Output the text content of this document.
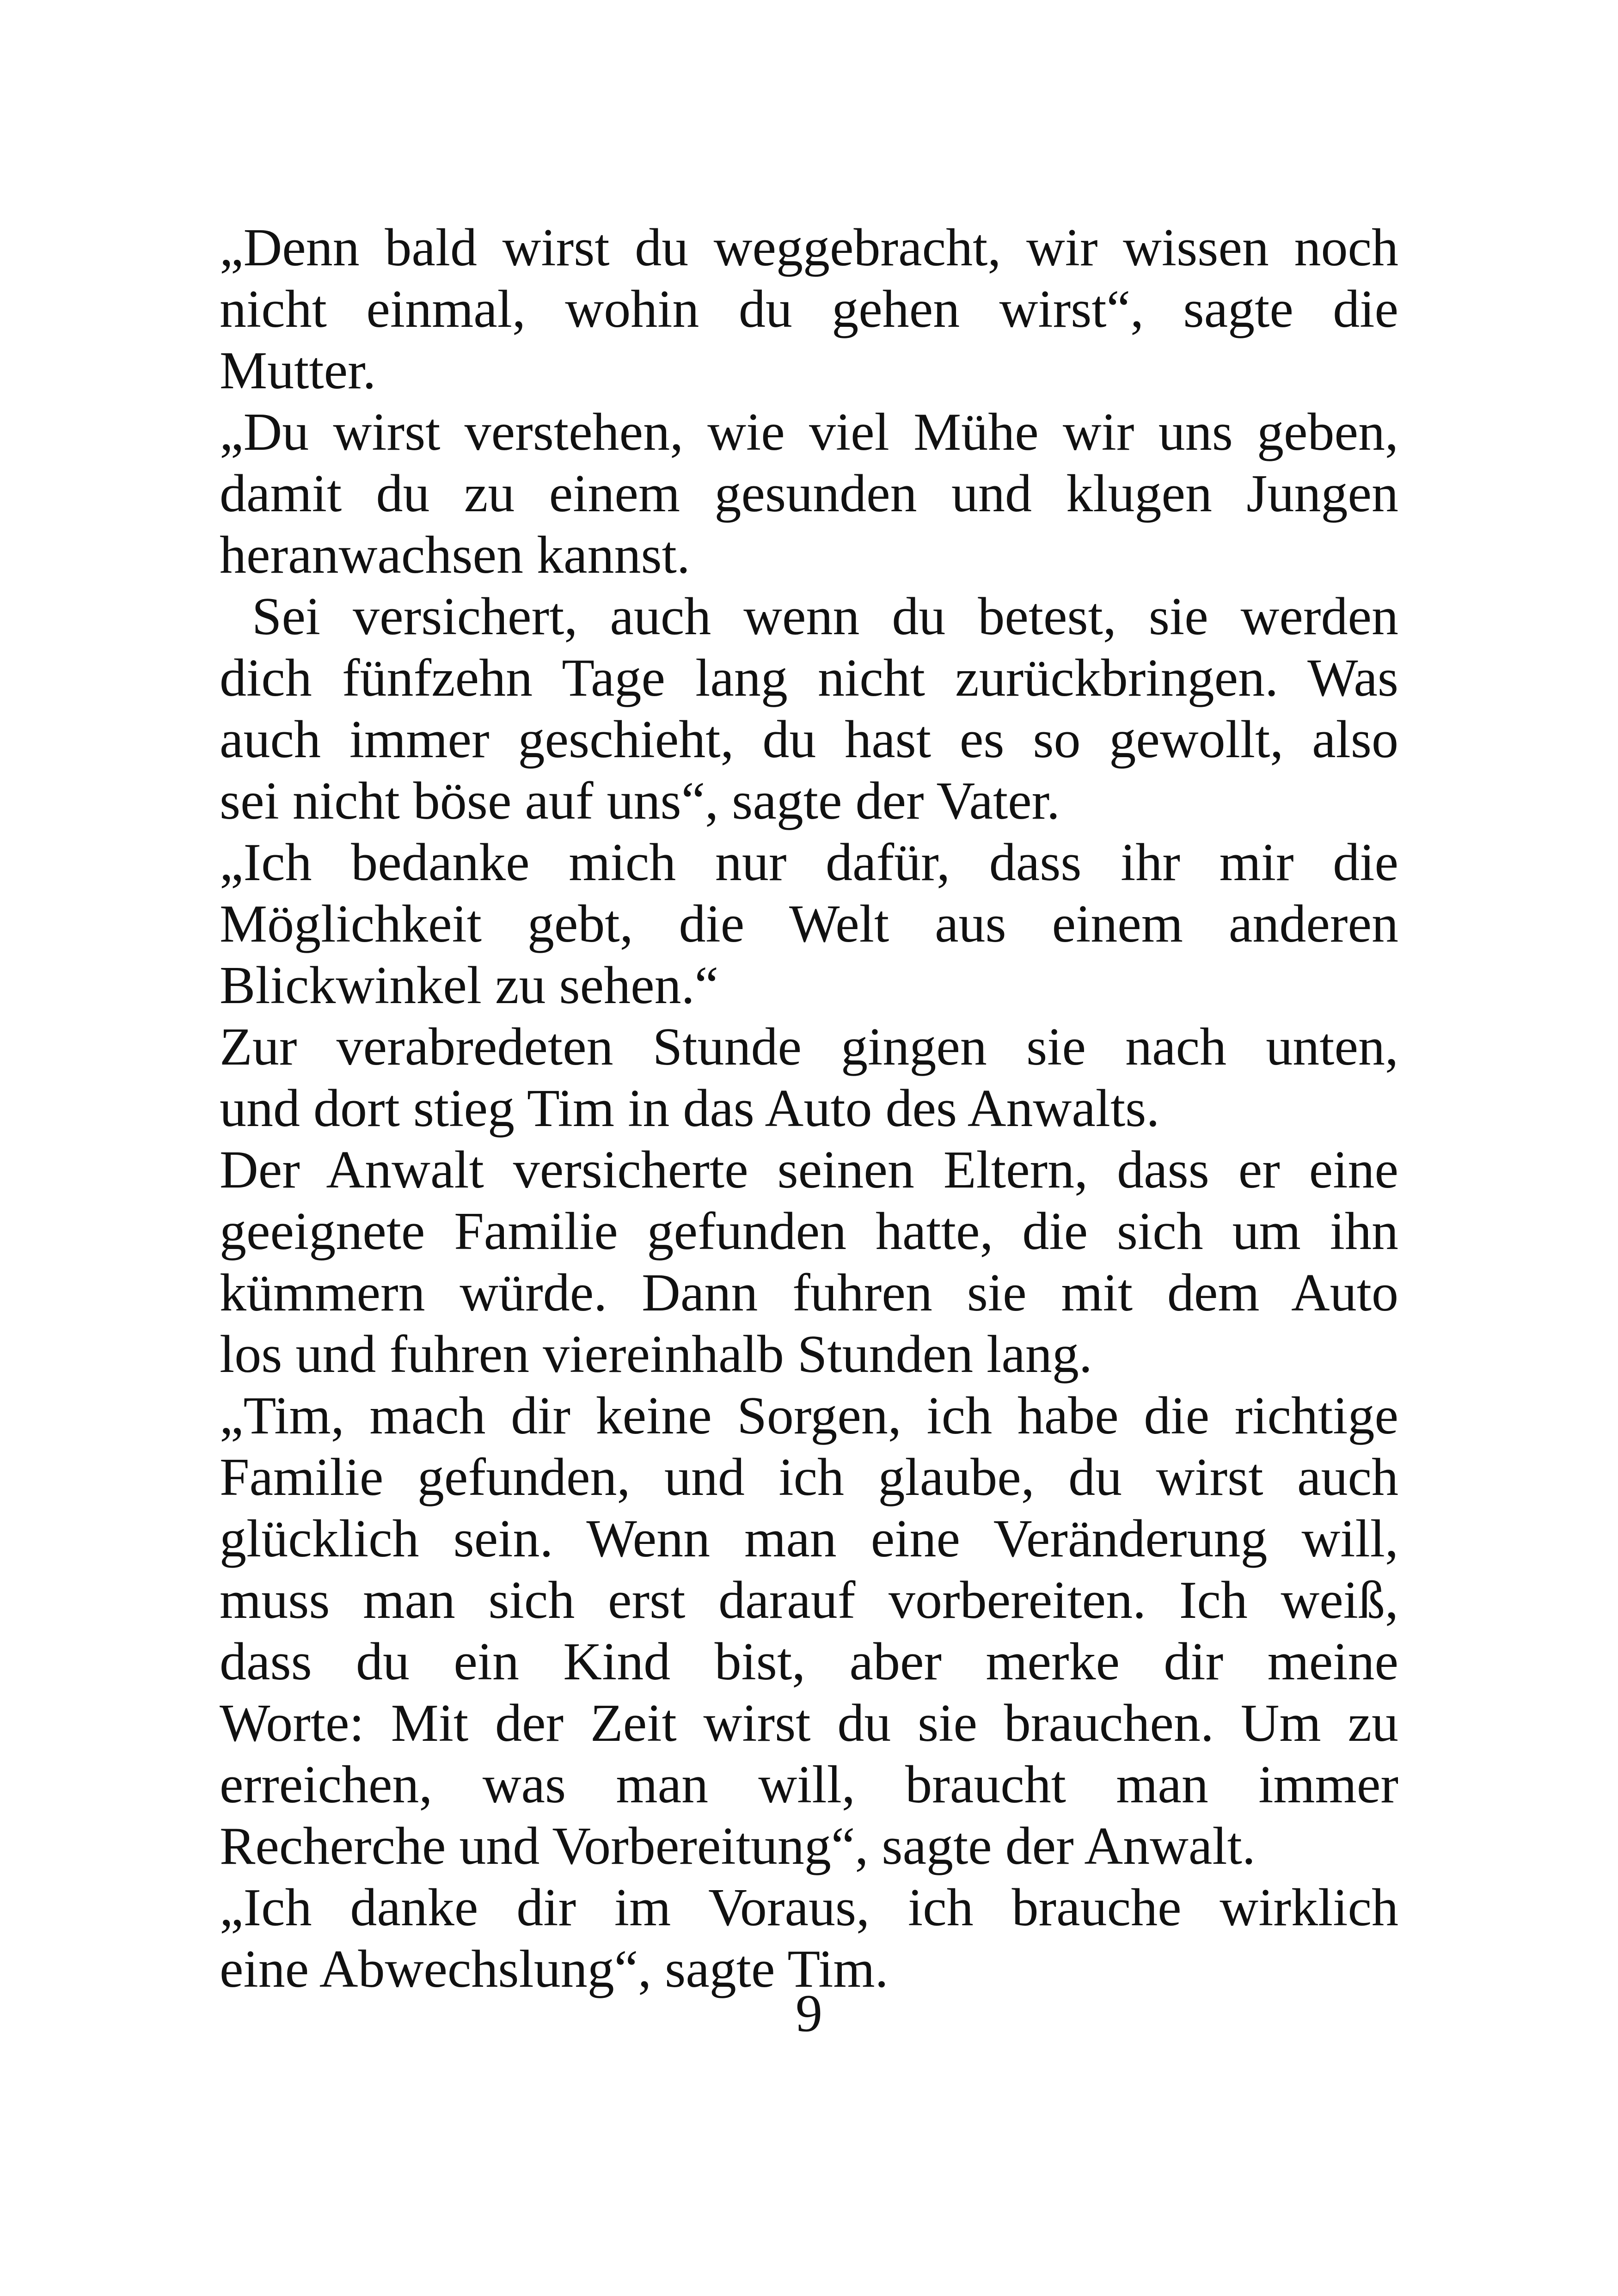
„Denn bald wirst du weggebracht, wir wissen noch
nicht einmal, wohin du gehen wirst“, sagte die
Mutter.
„Du wirst verstehen, wie viel Mühe wir uns geben,
damit du zu einem gesunden und klugen Jungen
heranwachsen kannst.
Sei versichert, auch wenn du betest, sie werden
dich fünfzehn Tage lang nicht zurückbringen. Was
auch immer geschieht, du hast es so gewollt, also
sei nicht böse auf uns“, sagte der Vater.
„Ich bedanke mich nur dafür, dass ihr mir die
Möglichkeit gebt, die Welt aus einem anderen
Blickwinkel zu sehen.“
Zur verabredeten Stunde gingen sie nach unten,
und dort stieg Tim in das Auto des Anwalts.
Der Anwalt versicherte seinen Eltern, dass er eine
geeignete Familie gefunden hatte, die sich um ihn
kümmern würde. Dann fuhren sie mit dem Auto
los und fuhren viereinhalb Stunden lang.
„Tim, mach dir keine Sorgen, ich habe die richtige
Familie gefunden, und ich glaube, du wirst auch
glücklich sein. Wenn man eine Veränderung will,
muss man sich erst darauf vorbereiten. Ich weiß,
dass du ein Kind bist, aber merke dir meine
Worte: Mit der Zeit wirst du sie brauchen. Um zu
erreichen, was man will, braucht man immer
Recherche und Vorbereitung“, sagte der Anwalt.
„Ich danke dir im Voraus, ich brauche wirklich
eine Abwechslung“, sagte Tim.
9
